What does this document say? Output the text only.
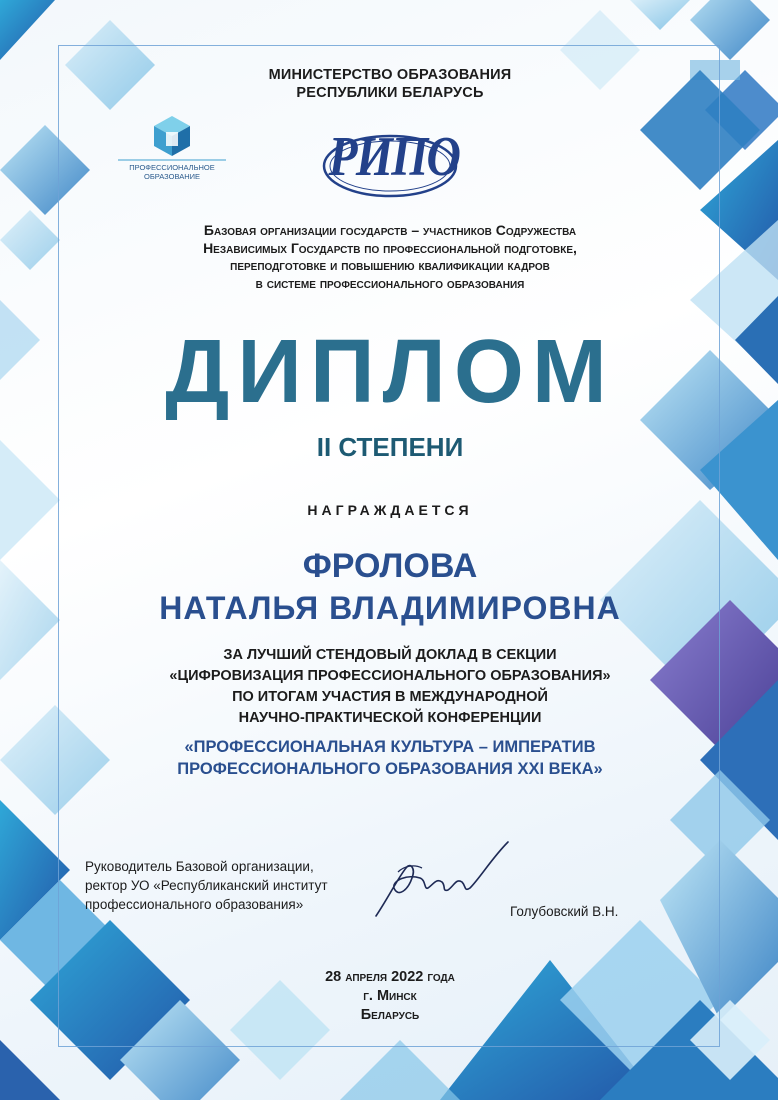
МИНИСТЕРСТВО ОБРАЗОВАНИЯ
РЕСПУБЛИКИ БЕЛАРУСЬ
ПРОФЕССИОНАЛЬНОЕ
ОБРАЗОВАНИЕ	РИПО
Базовая организации государств – участников Содружества
Независимых Государств по профессиональной подготовке,
переподготовке и повышению квалификации кадров
в системе профессионального образования
ДИПЛОМ
II СТЕПЕНИ
НАГРАЖДАЕТСЯ
ФРОЛОВА
НАТАЛЬЯ ВЛАДИМИРОВНА
ЗА ЛУЧШИЙ СТЕНДОВЫЙ ДОКЛАД В СЕКЦИИ
«ЦИФРОВИЗАЦИЯ ПРОФЕССИОНАЛЬНОГО ОБРАЗОВАНИЯ»
ПО ИТОГАМ УЧАСТИЯ В МЕЖДУНАРОДНОЙ
НАУЧНО-ПРАКТИЧЕСКОЙ КОНФЕРЕНЦИИ
«ПРОФЕССИОНАЛЬНАЯ КУЛЬТУРА – ИМПЕРАТИВ
ПРОФЕССИОНАЛЬНОГО ОБРАЗОВАНИЯ XXI ВЕКА»
Руководитель Базовой организации,
ректор УО «Республиканский институт
профессионального образования»	Голубовский В.Н.
28 апреля 2022 года
г. Минск
Беларусь
